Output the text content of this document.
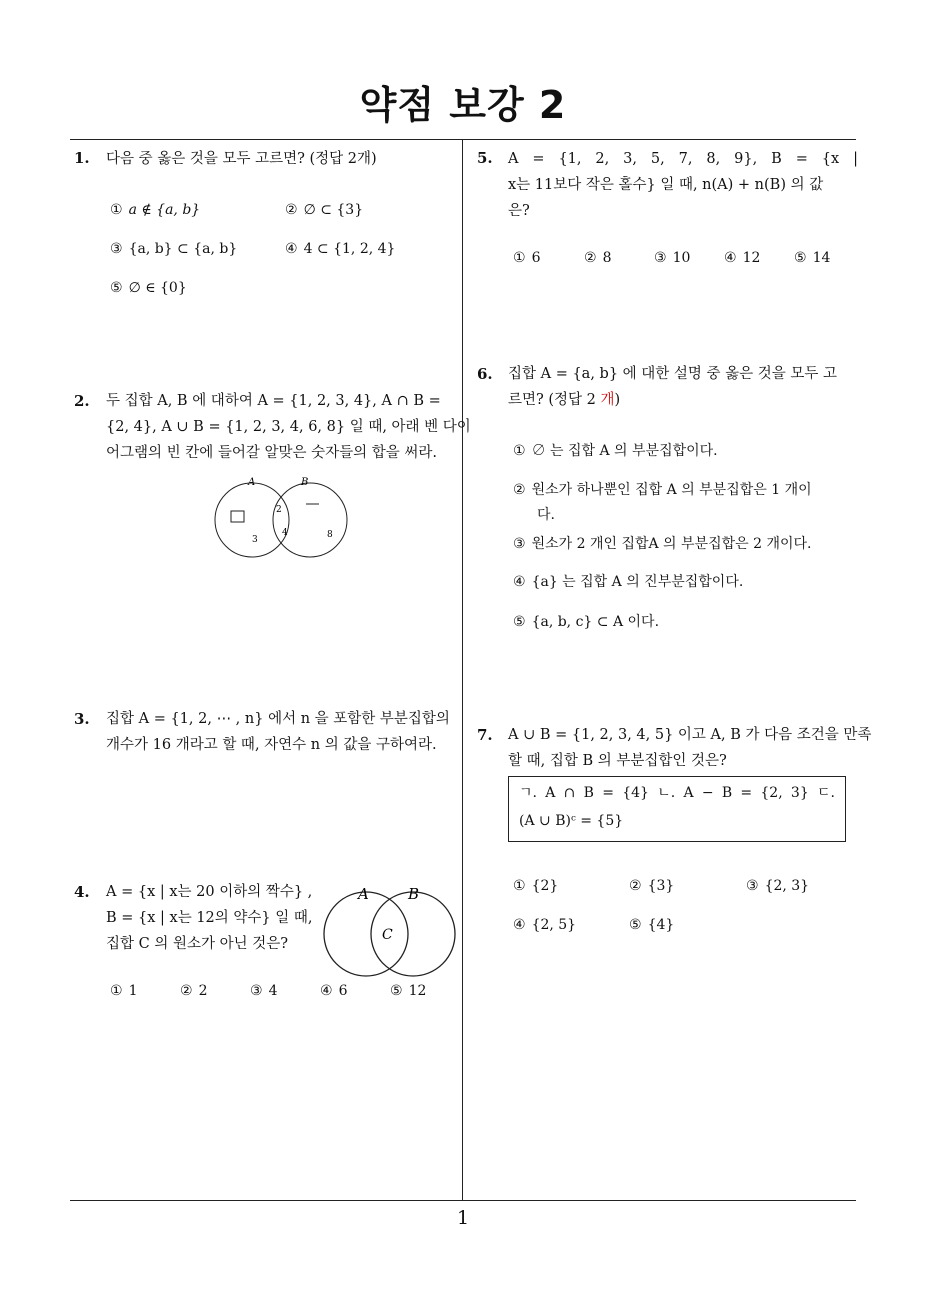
약점 보강 2
1
1. 다음 중 옳은 것을 모두 고르면? (정답 2개)
① a ∉ {a, b}	② ∅ ⊂ {3}
③ {a, b} ⊂ {a, b}	④ 4 ⊂ {1, 2, 4}
⑤ ∅ ∈ {0}
2. 두 집합 A, B 에 대하여 A = {1, 2, 3, 4}, A ∩ B =
{2, 4}, A ∪ B = {1, 2, 3, 4, 6, 8} 일 때, 아래 벤 다이
어그램의 빈 칸에 들어갈 알맞은 숫자들의 합을 써라.
A	B
2
4
3	8
3. 집합 A = {1, 2, ⋯ , n} 에서 n 을 포함한 부분집합의
개수가 16 개라고 할 때, 자연수 n 의 값을 구하여라.
4. A = {x | x는 20 이하의 짝수} ,
B = {x | x는 12의 약수} 일 때,
집합 C 의 원소가 아닌 것은?
A	B
C
① 1	② 2	③ 4	④ 6	⑤ 12
5. A = {1, 2, 3, 5, 7, 8, 9}, B = {x |
x는 11보다 작은 홀수} 일 때, n(A) + n(B) 의 값
은?
① 6	② 8	③ 10 ④ 12 ⑤ 14
6. 집합 A = {a, b} 에 대한 설명 중 옳은 것을 모두 고
르면? (정답 2 개)
① ∅ 는 집합 A 의 부분집합이다.
② 원소가 하나뿐인 집합 A 의 부분집합은 1 개이
다.
③ 원소가 2 개인 집합A 의 부분집합은 2 개이다.
④ {a} 는 집합 A 의 진부분집합이다.
⑤ {a, b, c} ⊂ A 이다.
7. A ∪ B = {1, 2, 3, 4, 5} 이고 A, B 가 다음 조건을 만족
할 때, 집합 B 의 부분집합인 것은?
ㄱ. A ∩ B = {4} ㄴ. A − B = {2, 3} ㄷ.
(A ∪ B)ᶜ = {5}
① {2}	② {3}	③ {2, 3}
④ {2, 5}	⑤ {4}
